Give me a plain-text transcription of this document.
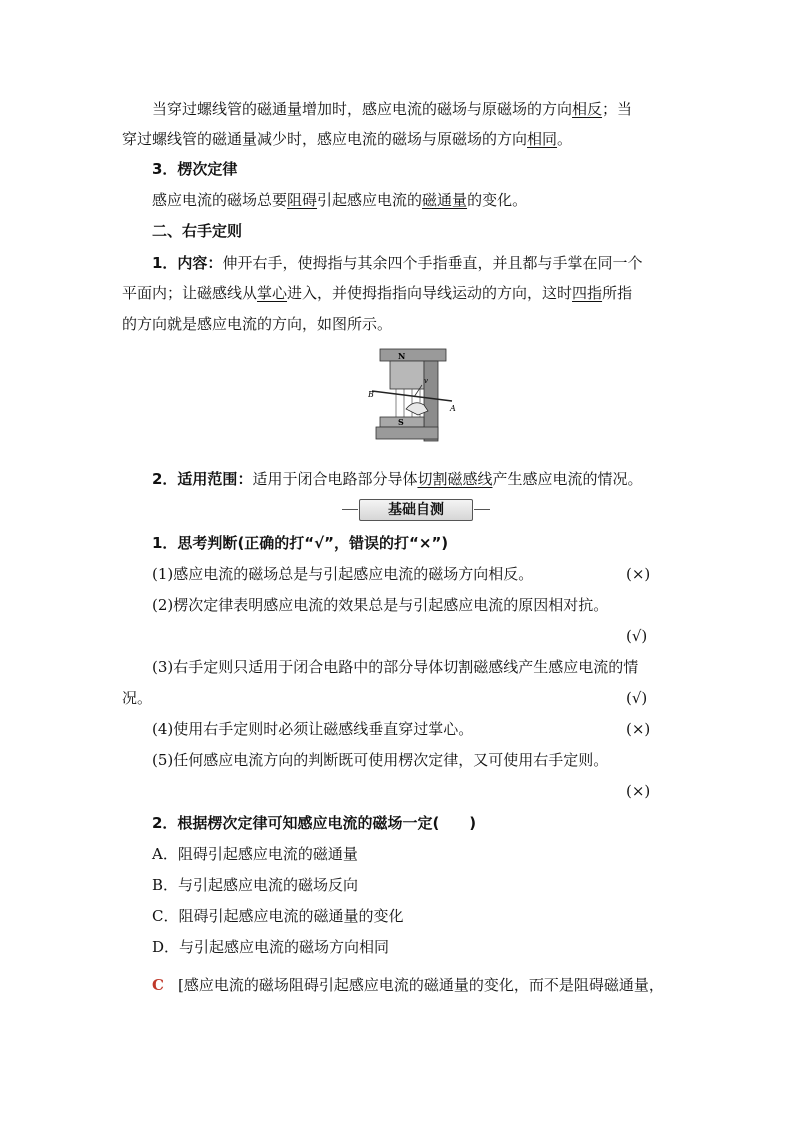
当穿过螺线管的磁通量增加时，感应电流的磁场与原磁场的方向相反；当
穿过螺线管的磁通量减少时，感应电流的磁场与原磁场的方向相同。
3．楞次定律
感应电流的磁场总要阻碍引起感应电流的磁通量的变化。
二、右手定则
1．内容：伸开右手，使拇指与其余四个手指垂直，并且都与手掌在同一个
平面内；让磁感线从掌心进入，并使拇指指向导线运动的方向，这时四指所指
的方向就是感应电流的方向，如图所示。
N
S
B
A
v
2．适用范围：适用于闭合电路部分导体切割磁感线产生感应电流的情况。
基础自测
1．思考判断(正确的打“√”，错误的打“×”)
(1)感应电流的磁场总是与引起感应电流的磁场方向相反。	(×)
(2)楞次定律表明感应电流的效果总是与引起感应电流的原因相对抗。
(√)
(3)右手定则只适用于闭合电路中的部分导体切割磁感线产生感应电流的情
况。	(√)
(4)使用右手定则时必须让磁感线垂直穿过掌心。	(×)
(5)任何感应电流方向的判断既可使用楞次定律，又可使用右手定则。
(×)
2．根据楞次定律可知感应电流的磁场一定(　　)
A．阻碍引起感应电流的磁通量
B．与引起感应电流的磁场反向
C．阻碍引起感应电流的磁通量的变化
D．与引起感应电流的磁场方向相同
C [感应电流的磁场阻碍引起感应电流的磁通量的变化，而不是阻碍磁通量，
